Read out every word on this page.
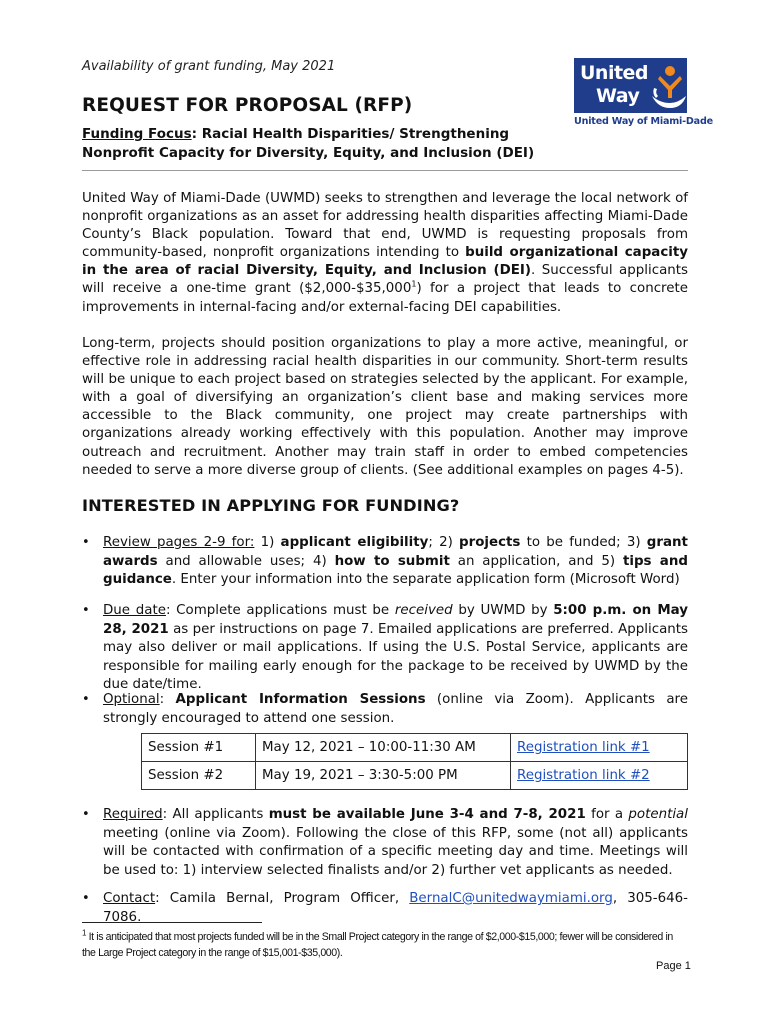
Availability of grant funding, May 2021
REQUEST FOR PROPOSAL (RFP)
Funding Focus: Racial Health Disparities/ Strengthening
Nonprofit Capacity for Diversity, Equity, and Inclusion (DEI)
United
Way
United Way of Miami-Dade
United Way of Miami-Dade (UWMD) seeks to strengthen and leverage the local network of nonprofit organizations as an asset for addressing health disparities affecting Miami-Dade County’s Black population. Toward that end, UWMD is requesting proposals from community-based, nonprofit organizations intending to build organizational capacity in the area of racial Diversity, Equity, and Inclusion (DEI). Successful applicants will receive a one-time grant ($2,000-$35,000$^1$) for a project that leads to concrete improvements in internal-facing and/or external-facing DEI capabilities.
Long-term, projects should position organizations to play a more active, meaningful, or effective role in addressing racial health disparities in our community. Short-term results will be unique to each project based on strategies selected by the applicant. For example, with a goal of diversifying an organization’s client base and making services more accessible to the Black community, one project may create partnerships with organizations already working effectively with this population. Another may improve outreach and recruitment. Another may train staff in order to embed competencies needed to serve a more diverse group of clients. (See additional examples on pages 4-5).
INTERESTED IN APPLYING FOR FUNDING?
• Review pages 2-9 for: 1) applicant eligibility; 2) projects to be funded; 3) grant awards and allowable uses; 4) how to submit an application, and 5) tips and guidance. Enter your information into the separate application form (Microsoft Word)
• Due date: Complete applications must be received by UWMD by 5:00 p.m. on May 28, 2021 as per instructions on page 7. Emailed applications are preferred. Applicants may also deliver or mail applications. If using the U.S. Postal Service, applicants are responsible for mailing early enough for the package to be received by UWMD by the due date/time.
• Optional: Applicant Information Sessions (online via Zoom). Applicants are strongly encouraged to attend one session.
• Required: All applicants must be available June 3-4 and 7-8, 2021 for a potential meeting (online via Zoom). Following the close of this RFP, some (not all) applicants will be contacted with confirmation of a specific meeting day and time. Meetings will be used to: 1) interview selected finalists and/or 2) further vet applicants as needed.
• Contact: Camila Bernal, Program Officer, BernalC@unitedwaymiami.org, 305-646-7086.
Session #1	May 12, 2021 – 10:00-11:30 AM	Registration link #1
Session #2	May 19, 2021 – 3:30-5:00 PM	Registration link #2
$^1$ It is anticipated that most projects funded will be in the Small Project category in the range of $2,000-$15,000; fewer will be considered in the Large Project category in the range of $15,001-$35,000).
Page 1
